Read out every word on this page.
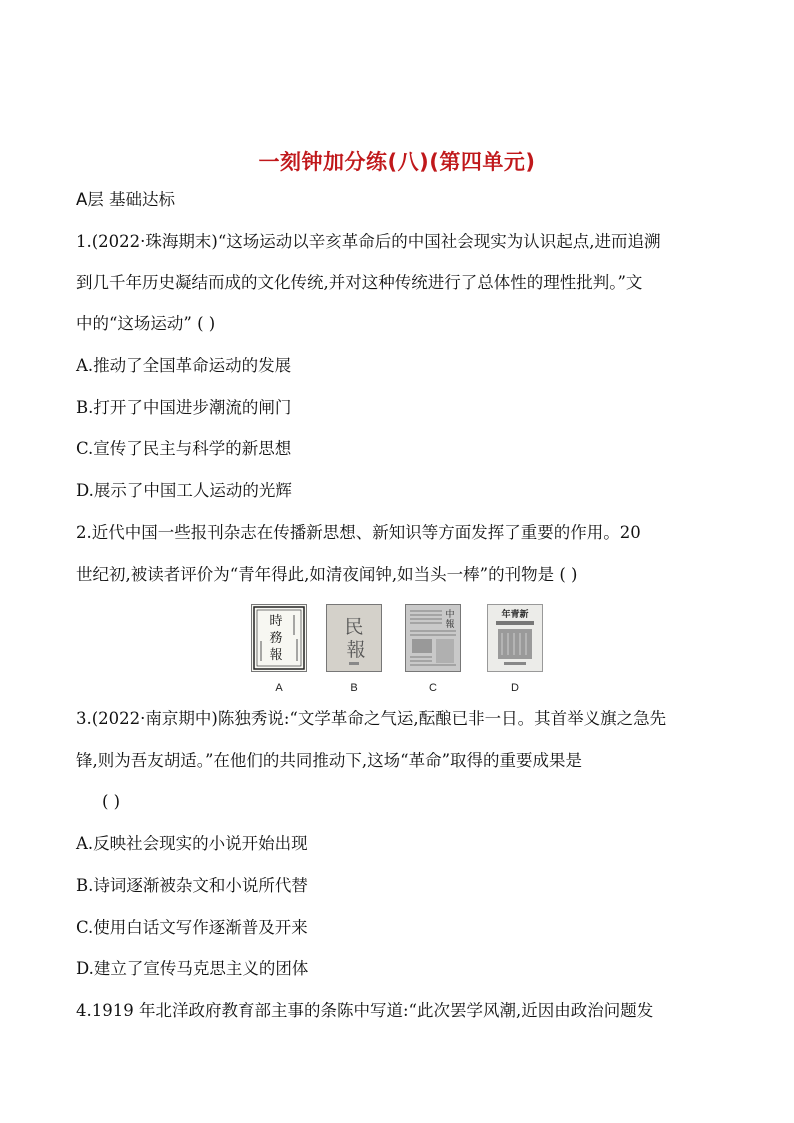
一刻钟加分练(八)(第四单元)
A层 基础达标
1.(2022·珠海期末)“这场运动以辛亥革命后的中国社会现实为认识起点,进而追溯
到几千年历史凝结而成的文化传统,并对这种传统进行了总体性的理性批判。”文
中的“这场运动” ( )
A.推动了全国革命运动的发展
B.打开了中国进步潮流的闸门
C.宣传了民主与科学的新思想
D.展示了中国工人运动的光辉
2.近代中国一些报刊杂志在传播新思想、新知识等方面发挥了重要的作用。20
世纪初,被读者评价为“青年得此,如清夜闻钟,如当头一棒”的刊物是 ( )
時
務
報
A
民
報
B
中
報
C
年青新
D
3.(2022·南京期中)陈独秀说:“文学革命之气运,酝酿已非一日。其首举义旗之急先
锋,则为吾友胡适。”在他们的共同推动下,这场“革命”取得的重要成果是
( )
A.反映社会现实的小说开始出现
B.诗词逐渐被杂文和小说所代替
C.使用白话文写作逐渐普及开来
D.建立了宣传马克思主义的团体
4.1919 年北洋政府教育部主事的条陈中写道:“此次罢学风潮,近因由政治问题发
